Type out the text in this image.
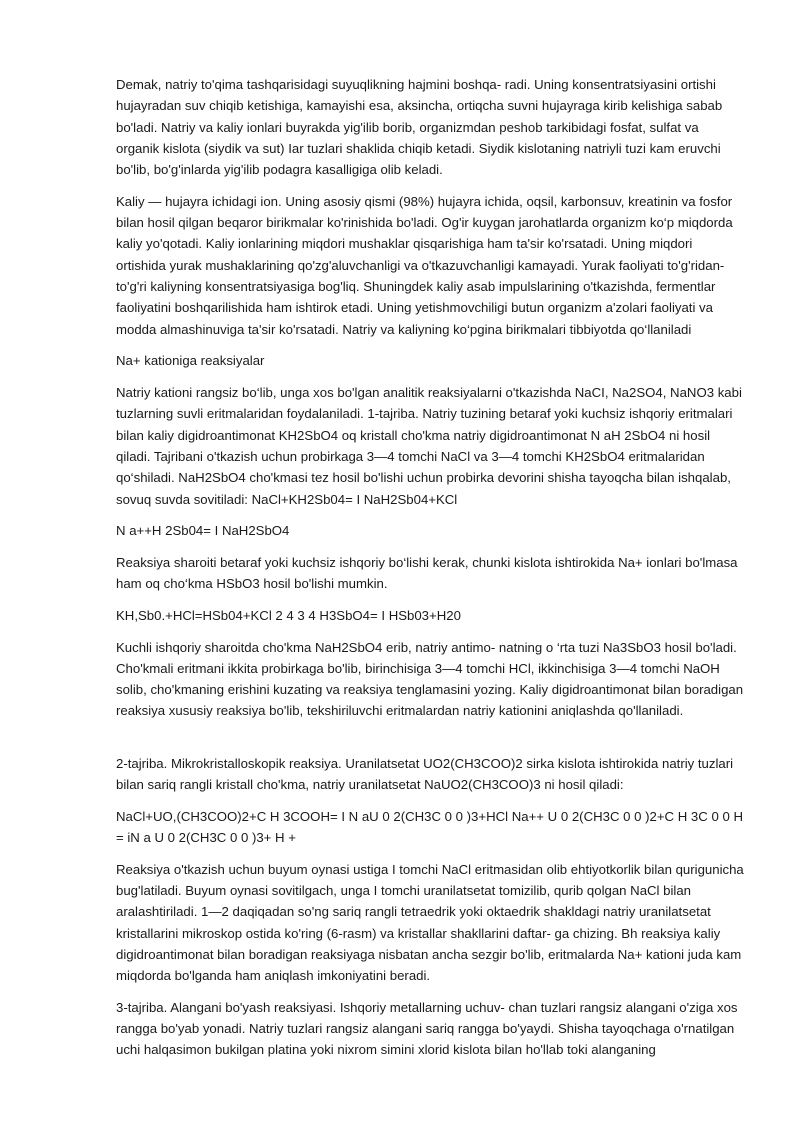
Demak, natriy to'qima tashqarisidagi suyuqlikning hajmini boshqa- radi. Uning konsentratsiyasini ortishi hujayradan suv chiqib ketishiga, kamayishi esa, aksincha, ortiqcha suvni hujayraga kirib kelishiga sabab bo'ladi. Natriy va kaliy ionlari buyrakda yig'ilib borib, organizmdan peshob tarkibidagi fosfat, sulfat va organik kislota (siydik va sut) Iar tuzlari shaklida chiqib ketadi. Siydik kislotaning natriyli tuzi kam eruvchi bo'lib, bo'g'inlarda yig'ilib podagra kasalligiga olib keladi.

Kaliy — hujayra ichidagi ion. Uning asosiy qismi (98%) hujayra ichida, oqsil, karbonsuv, kreatinin va fosfor bilan hosil qilgan beqaror birikmalar ko'rinishida bo'ladi. Og'ir kuygan jarohatlarda organizm ko‘p miqdorda kaliy yo'qotadi. Kaliy ionlarining miqdori mushaklar qisqarishiga ham ta'sir ko'rsatadi. Uning miqdori ortishida yurak mushaklarining qo'zg'aluvchanligi va o'tkazuvchanligi kamayadi. Yurak faoliyati to'g'ridan-to'g'ri kaliyning konsentratsiyasiga bog'liq. Shuningdek kaliy asab impulslarining o'tkazishda, fermentlar faoliyatini boshqarilishida ham ishtirok etadi. Uning yetishmovchiligi butun organizm a'zolari faoliyati va modda almashinuviga ta'sir ko'rsatadi. Natriy va kaliyning ko‘pgina birikmalari tibbiyotda qo‘llaniladi

Na+ kationiga reaksiyalar

Natriy kationi rangsiz bo‘lib, unga xos bo'lgan analitik reaksiyalarni o'tkazishda NaCI, Na2SO4, NaNO3 kabi tuzlarning suvli eritmalaridan foydalaniladi. 1-tajriba. Natriy tuzining betaraf yoki kuchsiz ishqoriy eritmalari bilan kaliy digidroantimonat KH2SbO4 oq kristall cho'kma natriy digidroantimonat N aH 2SbO4 ni hosil qiladi. Tajribani o'tkazish uchun probirkaga 3—4 tomchi NaCl va 3—4 tomchi KH2SbO4 eritmalaridan qo‘shiladi. NaH2SbO4 cho'kmasi tez hosil bo'lishi uchun probirka devorini shisha tayoqcha bilan ishqalab, sovuq suvda sovitiladi: NaCl+KH2Sb04= I NaH2Sb04+KCl

N a++H 2Sb04= I NaH2SbO4

Reaksiya sharoiti betaraf yoki kuchsiz ishqoriy bo‘lishi kerak, chunki kislota ishtirokida Na+ ionlari bo'lmasa ham oq cho‘kma HSbO3 hosil bo'lishi mumkin.

KH,Sb0.+HCl=HSb04+KCl 2 4 3 4 H3SbO4= I HSb03+H20

Kuchli ishqoriy sharoitda cho'kma NaH2SbO4 erib, natriy antimo- natning o ‘rta tuzi Na3SbO3 hosil bo'ladi. Cho'kmali eritmani ikkita probirkaga bo'lib, birinchisiga 3—4 tomchi HCl, ikkinchisiga 3—4 tomchi NaOH solib, cho'kmaning erishini kuzating va reaksiya tenglamasini yozing. Kaliy digidroantimonat bilan boradigan reaksiya xususiy reaksiya bo'lib, tekshiriluvchi eritmalardan natriy kationini aniqlashda qo'llaniladi.

2-tajriba. Mikrokristalloskopik reaksiya. Uranilatsetat UO2(CH3COO)2 sirka kislota ishtirokida natriy tuzlari bilan sariq rangli kristall cho'kma, natriy uranilatsetat NaUO2(CH3COO)3 ni hosil qiladi:

NaCl+UO,(CH3COO)2+C H 3COOH= I N aU 0 2(CH3C 0 0 )3+HCl Na++ U 0 2(CH3C 0 0 )2+C H 3C 0 0 H = iN a U 0 2(CH3C 0 0 )3+ H +

Reaksiya o'tkazish uchun buyum oynasi ustiga I tomchi NaCl eritmasidan olib ehtiyotkorlik bilan qurigunicha bug'latiladi. Buyum oynasi sovitilgach, unga I tomchi uranilatsetat tomizilib, qurib qolgan NaCl bilan aralashtiriladi. 1—2 daqiqadan so'ng sariq rangli tetraedrik yoki oktaedrik shakldagi natriy uranilatsetat kristallarini mikroskop ostida ko'ring (6-rasm) va kristallar shakllarini daftar- ga chizing. Bh reaksiya kaliy digidroantimonat bilan boradigan reaksiyaga nisbatan ancha sezgir bo'lib, eritmalarda Na+ kationi juda kam miqdorda bo'lganda ham aniqlash imkoniyatini beradi.

3-tajriba. Alangani bo'yash reaksiyasi. Ishqoriy metallarning uchuv- chan tuzlari rangsiz alangani o'ziga xos rangga bo'yab yonadi. Natriy tuzlari rangsiz alangani sariq rangga bo'yaydi. Shisha tayoqchaga o'rnatilgan uchi halqasimon bukilgan platina yoki nixrom simini xlorid kislota bilan ho'llab toki alanganing
